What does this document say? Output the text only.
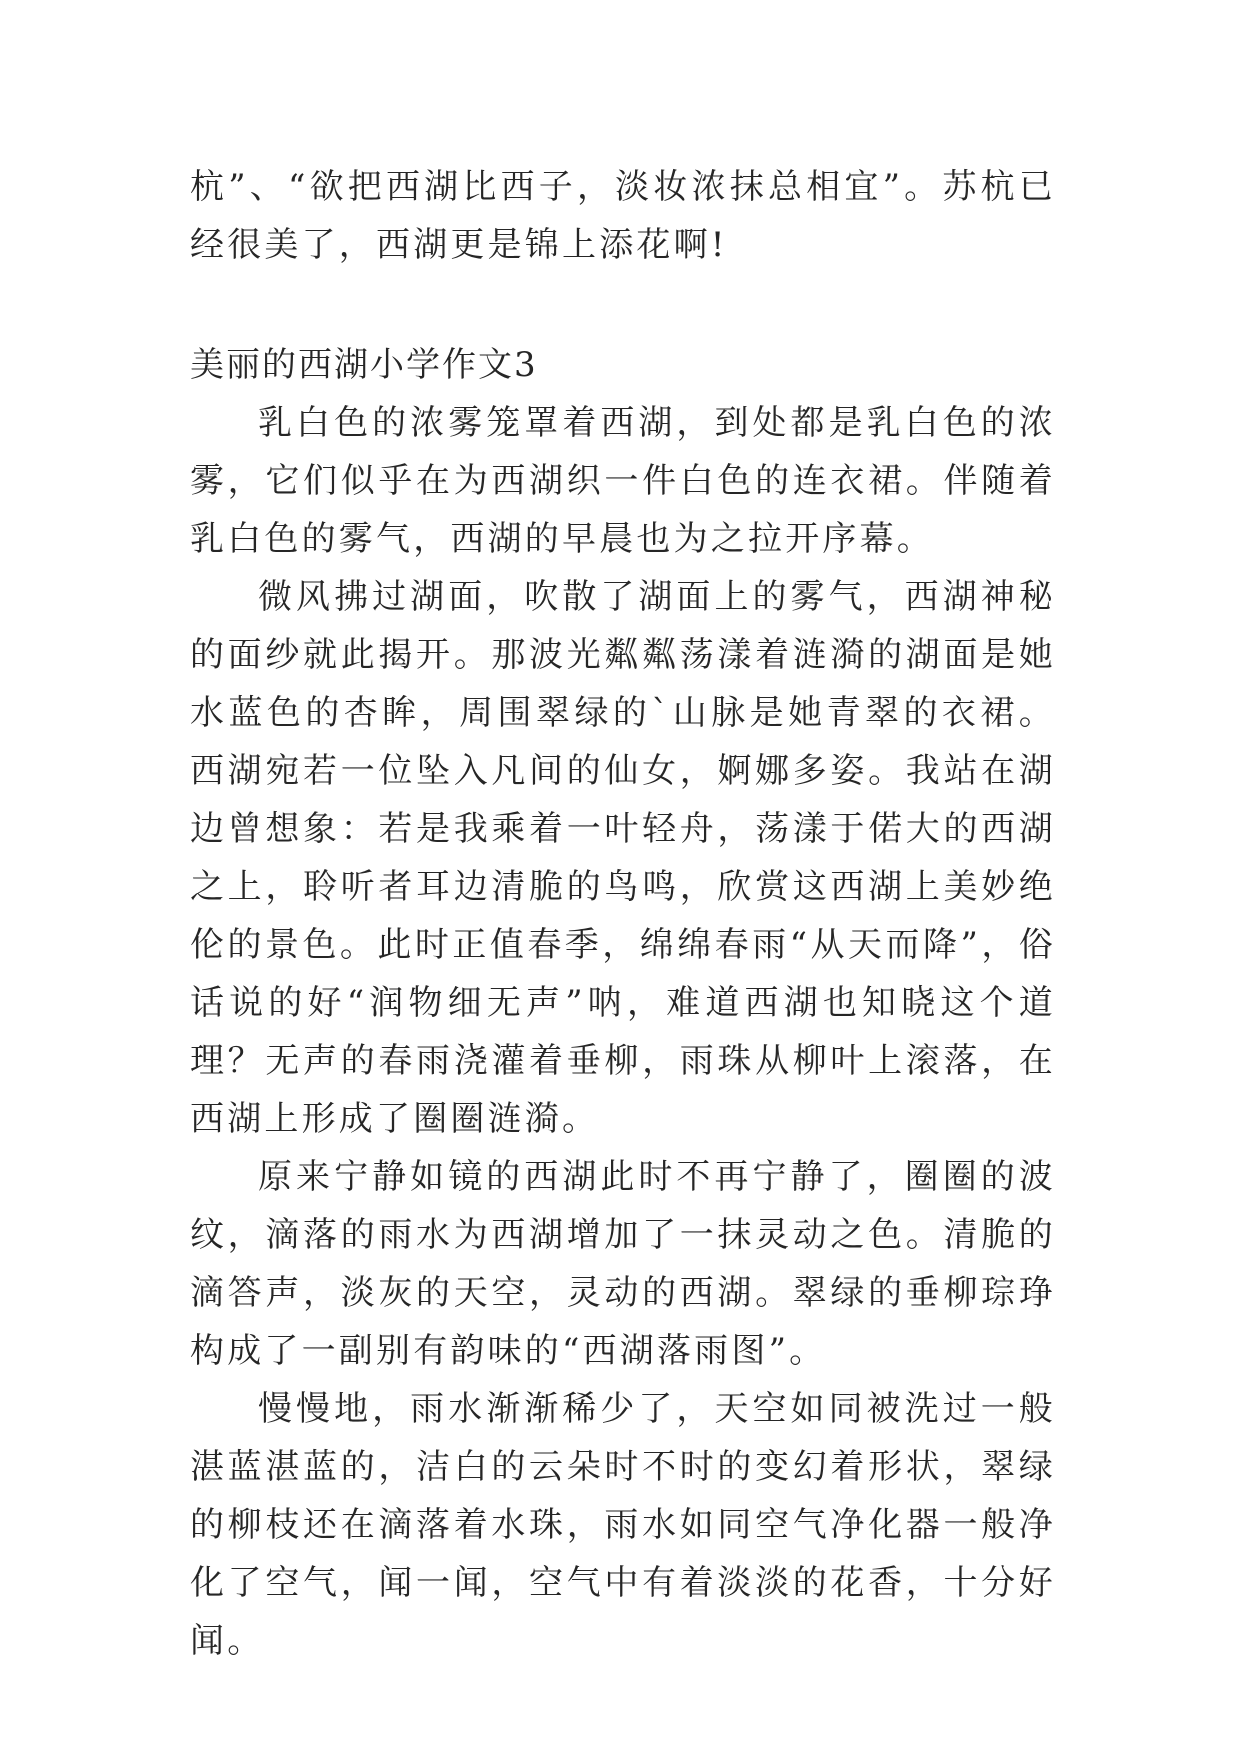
杭”、“欲把西湖比西子，淡妆浓抹总相宜”。苏杭已经很美了，西湖更是锦上添花啊!

美丽的西湖小学作文3

乳白色的浓雾笼罩着西湖，到处都是乳白色的浓雾，它们似乎在为西湖织一件白色的连衣裙。伴随着乳白色的雾气，西湖的早晨也为之拉开序幕。

微风拂过湖面，吹散了湖面上的雾气，西湖神秘的面纱就此揭开。那波光粼粼荡漾着涟漪的湖面是她水蓝色的杏眸，周围翠绿的`山脉是她青翠的衣裙。西湖宛若一位坠入凡间的仙女，婀娜多姿。我站在湖边曾想象：若是我乘着一叶轻舟，荡漾于偌大的西湖之上，聆听者耳边清脆的鸟鸣，欣赏这西湖上美妙绝伦的景色。此时正值春季，绵绵春雨“从天而降”，俗话说的好“润物细无声”呐，难道西湖也知晓这个道理？无声的春雨浇灌着垂柳，雨珠从柳叶上滚落，在西湖上形成了圈圈涟漪。

原来宁静如镜的西湖此时不再宁静了，圈圈的波纹，滴落的雨水为西湖增加了一抹灵动之色。清脆的滴答声，淡灰的天空，灵动的西湖。翠绿的垂柳琮琤构成了一副别有韵味的“西湖落雨图”。

慢慢地，雨水渐渐稀少了，天空如同被洗过一般湛蓝湛蓝的，洁白的云朵时不时的变幻着形状，翠绿的柳枝还在滴落着水珠，雨水如同空气净化器一般净化了空气，闻一闻，空气中有着淡淡的花香，十分好闻。
